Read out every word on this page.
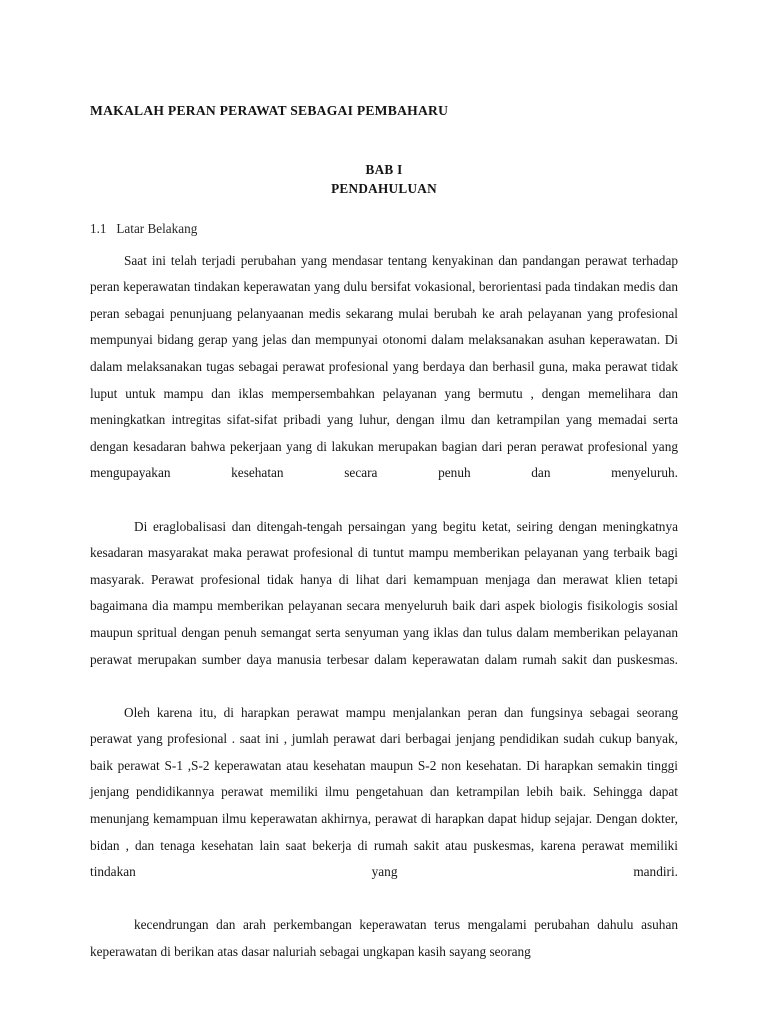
MAKALAH PERAN PERAWAT SEBAGAI PEMBAHARU
BAB I
PENDAHULUAN
1.1   Latar Belakang

Saat ini telah terjadi perubahan yang mendasar tentang kenyakinan dan pandangan perawat terhadap peran keperawatan tindakan keperawatan yang dulu bersifat vokasional, berorientasi pada tindakan medis dan peran sebagai penunjuang pelanyaanan medis sekarang mulai berubah ke arah pelayanan yang profesional mempunyai bidang gerap yang jelas dan mempunyai otonomi dalam melaksanakan asuhan keperawatan. Di dalam melaksanakan tugas sebagai perawat profesional yang berdaya dan berhasil guna, maka perawat tidak luput untuk mampu dan iklas mempersembahkan pelayanan yang bermutu , dengan memelihara dan meningkatkan intregitas sifat-sifat pribadi yang luhur, dengan ilmu dan ketrampilan yang memadai serta dengan kesadaran bahwa pekerjaan yang di lakukan merupakan bagian dari peran perawat profesional yang mengupayakan kesehatan secara penuh dan menyeluruh.

Di eraglobalisasi dan ditengah-tengah persaingan yang begitu ketat, seiring dengan meningkatnya kesadaran masyarakat maka perawat profesional di tuntut mampu memberikan pelayanan yang terbaik bagi masyarak. Perawat profesional tidak hanya di lihat dari kemampuan menjaga dan merawat klien tetapi bagaimana dia mampu memberikan pelayanan secara menyeluruh baik dari aspek biologis fisikologis sosial maupun spritual dengan penuh semangat serta senyuman yang iklas dan tulus dalam memberikan pelayanan perawat merupakan sumber daya manusia terbesar dalam keperawatan dalam rumah sakit dan puskesmas.

Oleh karena itu, di harapkan perawat mampu menjalankan peran dan fungsinya sebagai seorang perawat yang profesional . saat ini , jumlah perawat dari berbagai jenjang pendidikan sudah cukup banyak, baik perawat S-1 ,S-2 keperawatan atau kesehatan maupun S-2 non kesehatan. Di harapkan semakin tinggi jenjang pendidikannya perawat memiliki ilmu pengetahuan dan ketrampilan lebih baik. Sehingga dapat menunjang kemampuan ilmu keperawatan akhirnya, perawat di harapkan dapat hidup sejajar. Dengan dokter, bidan , dan tenaga kesehatan lain saat bekerja di rumah sakit atau puskesmas, karena perawat memiliki tindakan yang mandiri.

kecendrungan dan arah perkembangan keperawatan terus mengalami perubahan dahulu asuhan keperawatan di berikan atas dasar naluriah sebagai ungkapan kasih sayang seorang
